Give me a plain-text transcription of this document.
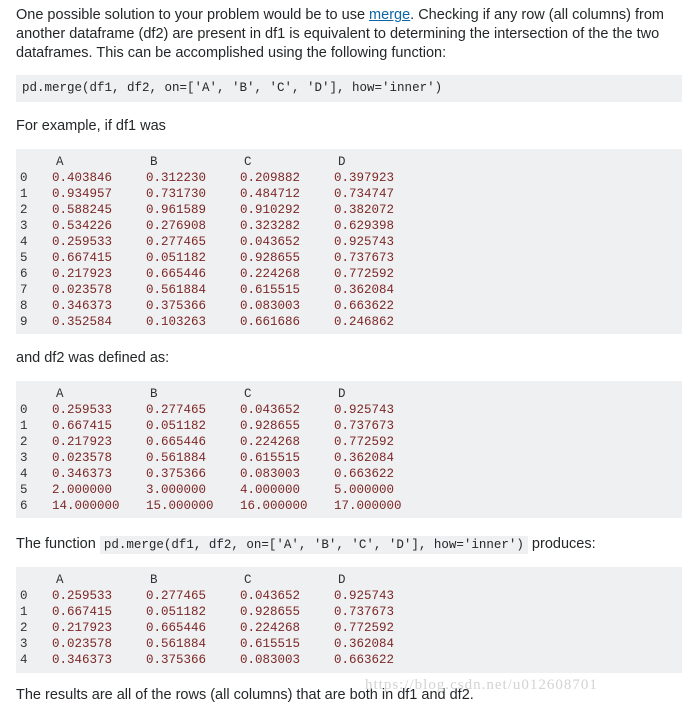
One possible solution to your problem would be to use merge. Checking if any row (all columns) from another dataframe (df2) are present in df1 is equivalent to determining the intersection of the the two dataframes. This can be accomplished using the following function:

pd.merge(df1, df2, on=['A', 'B', 'C', 'D'], how='inner')

For example, if df1 was

	A	B	C	D
0	0.403846	0.312230	0.209882	0.397923
1	0.934957	0.731730	0.484712	0.734747
2	0.588245	0.961589	0.910292	0.382072
3	0.534226	0.276908	0.323282	0.629398
4	0.259533	0.277465	0.043652	0.925743
5	0.667415	0.051182	0.928655	0.737673
6	0.217923	0.665446	0.224268	0.772592
7	0.023578	0.561884	0.615515	0.362084
8	0.346373	0.375366	0.083003	0.663622
9	0.352584	0.103263	0.661686	0.246862

and df2 was defined as:

	A	B	C	D
0	0.259533	0.277465	0.043652	0.925743
1	0.667415	0.051182	0.928655	0.737673
2	0.217923	0.665446	0.224268	0.772592
3	0.023578	0.561884	0.615515	0.362084
4	0.346373	0.375366	0.083003	0.663622
5	2.000000	3.000000	4.000000	5.000000
6	14.000000	15.000000	16.000000	17.000000

The function pd.merge(df1, df2, on=['A', 'B', 'C', 'D'], how='inner') produces:

	A	B	C	D
0	0.259533	0.277465	0.043652	0.925743
1	0.667415	0.051182	0.928655	0.737673
2	0.217923	0.665446	0.224268	0.772592
3	0.023578	0.561884	0.615515	0.362084
4	0.346373	0.375366	0.083003	0.663622

The results are all of the rows (all columns) that are both in df1 and df2.

https://blog.csdn.net/u012608701
